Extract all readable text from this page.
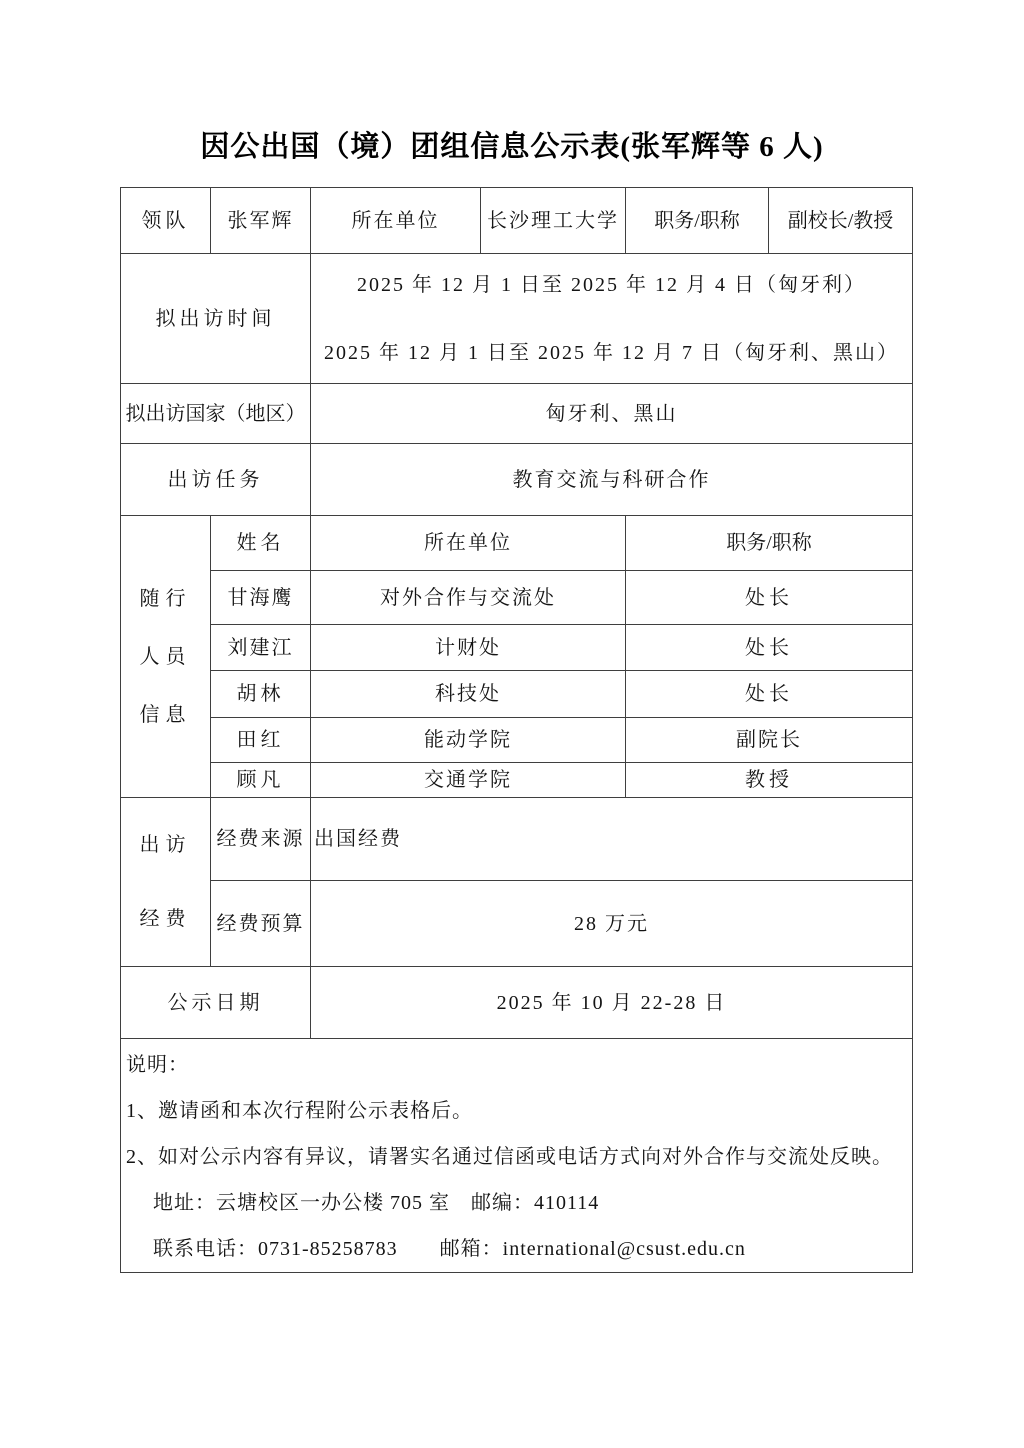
因公出国（境）团组信息公示表(张军辉等 6 人)
领队	张军辉	所在单位	长沙理工大学	职务/职称	副校长/教授
拟出访时间		2025 年 12 月 1 日至 2025 年 12 月 4 日（匈牙利）
2025 年 12 月 1 日至 2025 年 12 月 7 日（匈牙利、黑山）			

拟出访国家（地区）		匈牙利、黑山			
出访任务		教育交流与科研合作			

随行
人员
信息	姓名	所在单位		职务/职称	
	甘海鹰	对外合作与交流处		处长	
	刘建江	计财处		处长	
	胡林	科技处		处长	
	田红	能动学院		副院长	
	顾凡	交通学院		教授	

出访
经费	经费来源	出国经费			
	经费预算	28 万元			
公示日期		2025 年 10 月 22-28 日			

说明：
1、邀请函和本次行程附公示表格后。
2、如对公示内容有异议，请署实名通过信函或电话方式向对外合作与交流处反映。
地址：云塘校区一办公楼 705 室　邮编：410114
联系电话：0731-85258783　　邮箱：international@csust.edu.cn					
